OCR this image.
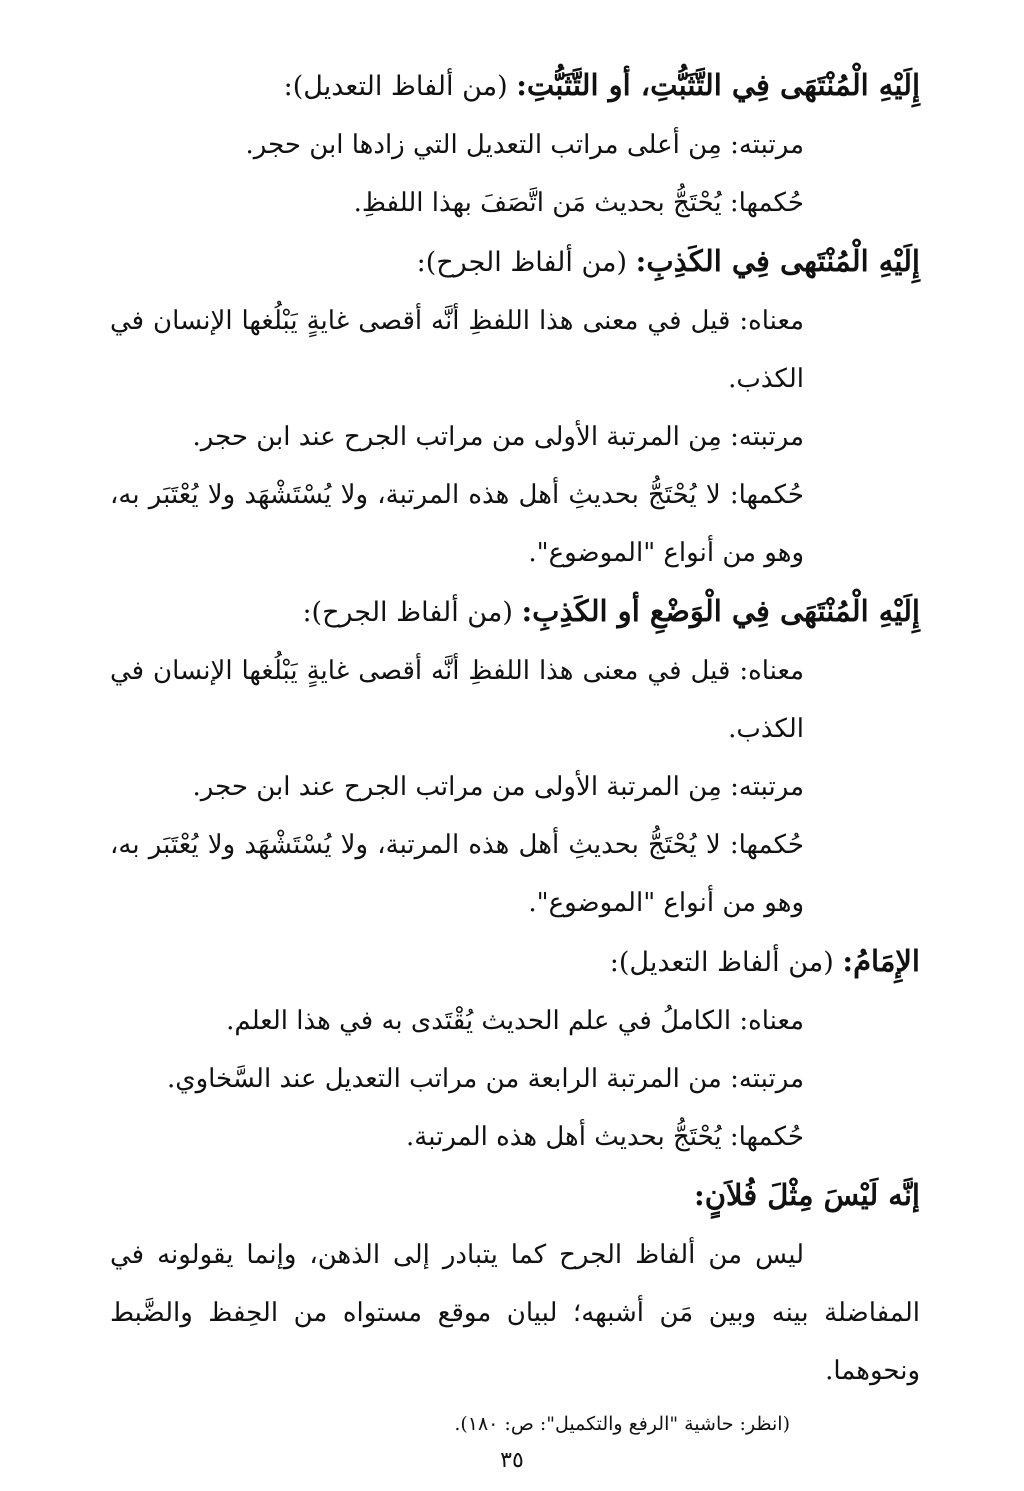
إِلَيْهِ الْمُنْتَهَى فِي التَّثَبُّتِ، أو التَّثَبُّتِ: (من ألفاظ التعديل):

مرتبته: مِن أعلى مراتب التعديل التي زادها ابن حجر.

حُكمها: يُحْتَجُّ بحديث مَن اتَّصَفَ بهذا اللفظِ.

إِلَيْهِ الْمُنْتَهى فِي الكَذِبِ: (من ألفاظ الجرح):

معناه: قيل في معنى هذا اللفظِ أنَّه أقصى غايةٍ يَبْلُغها الإنسان في الكذب.

مرتبته: مِن المرتبة الأولى من مراتب الجرح عند ابن حجر.

حُكمها: لا يُحْتَجُّ بحديثِ أهل هذه المرتبة، ولا يُسْتَشْهَد ولا يُعْتَبَر به، وهو من أنواع "الموضوع".

إِلَيْهِ الْمُنْتَهَى فِي الْوَضْعِ أو الكَذِبِ: (من ألفاظ الجرح):

معناه: قيل في معنى هذا اللفظِ أنَّه أقصى غايةٍ يَبْلُغها الإنسان في الكذب.

مرتبته: مِن المرتبة الأولى من مراتب الجرح عند ابن حجر.

حُكمها: لا يُحْتَجُّ بحديثِ أهل هذه المرتبة، ولا يُسْتَشْهَد ولا يُعْتَبَر به، وهو من أنواع "الموضوع".

الإِمَامُ: (من ألفاظ التعديل):

معناه: الكاملُ في علم الحديث يُقْتَدى به في هذا العلم.

مرتبته: من المرتبة الرابعة من مراتب التعديل عند السَّخاوي.

حُكمها: يُحْتَجُّ بحديث أهل هذه المرتبة.

إنَّه لَيْسَ مِثْلَ فُلاَنٍ:

ليس من ألفاظ الجرح كما يتبادر إلى الذهن، وإنما يقولونه في المفاضلة بينه وبين مَن أشبهه؛ لبيان موقع مستواه من الحِفظ والضَّبط ونحوهما.

(انظر: حاشية "الرفع والتكميل": ص: ١٨٠).

٣٥
